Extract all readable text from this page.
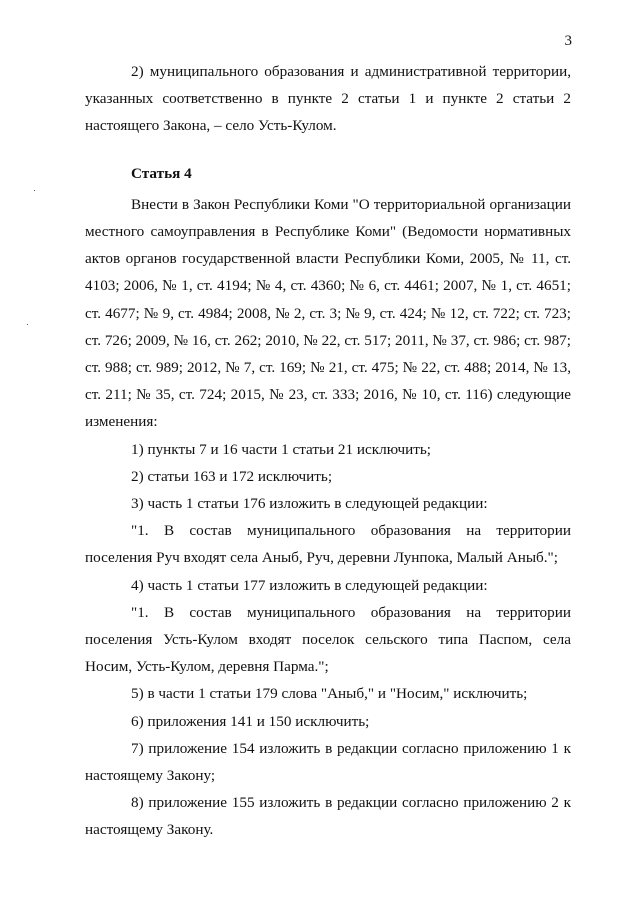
3

2) муниципального образования и административной территории, указанных соответственно в пункте 2 статьи 1 и пункте 2 статьи 2 настоящего Закона, – село Усть-Кулом.

Статья 4

Внести в Закон Республики Коми "О территориальной организации местного самоуправления в Республике Коми" (Ведомости нормативных актов органов государственной власти Республики Коми, 2005, № 11, ст. 4103; 2006, № 1, ст. 4194; № 4, ст. 4360; № 6, ст. 4461; 2007, № 1, ст. 4651; ст. 4677; № 9, ст. 4984; 2008, № 2, ст. 3; № 9, ст. 424; № 12, ст. 722; ст. 723; ст. 726; 2009, № 16, ст. 262; 2010, № 22, ст. 517; 2011, № 37, ст. 986; ст. 987; ст. 988; ст. 989; 2012, № 7, ст. 169; № 21, ст. 475; № 22, ст. 488; 2014, № 13, ст. 211; № 35, ст. 724; 2015, № 23, ст. 333; 2016, № 10, ст. 116) следующие изменения:

1) пункты 7 и 16 части 1 статьи 21 исключить;

2) статьи 163 и 172 исключить;

3) часть 1 статьи 176 изложить в следующей редакции:

"1. В состав муниципального образования на территории поселения Руч входят села Аныб, Руч, деревни Лунпока, Малый Аныб.";

4) часть 1 статьи 177 изложить в следующей редакции:

"1. В состав муниципального образования на территории поселения Усть-Кулом входят поселок сельского типа Паспом, села Носим, Усть-Кулом, деревня Парма.";

5) в части 1 статьи 179 слова "Аныб," и "Носим," исключить;

6) приложения 141 и 150 исключить;

7) приложение 154 изложить в редакции согласно приложению 1 к настоящему Закону;

8) приложение 155 изложить в редакции согласно приложению 2 к настоящему Закону.
